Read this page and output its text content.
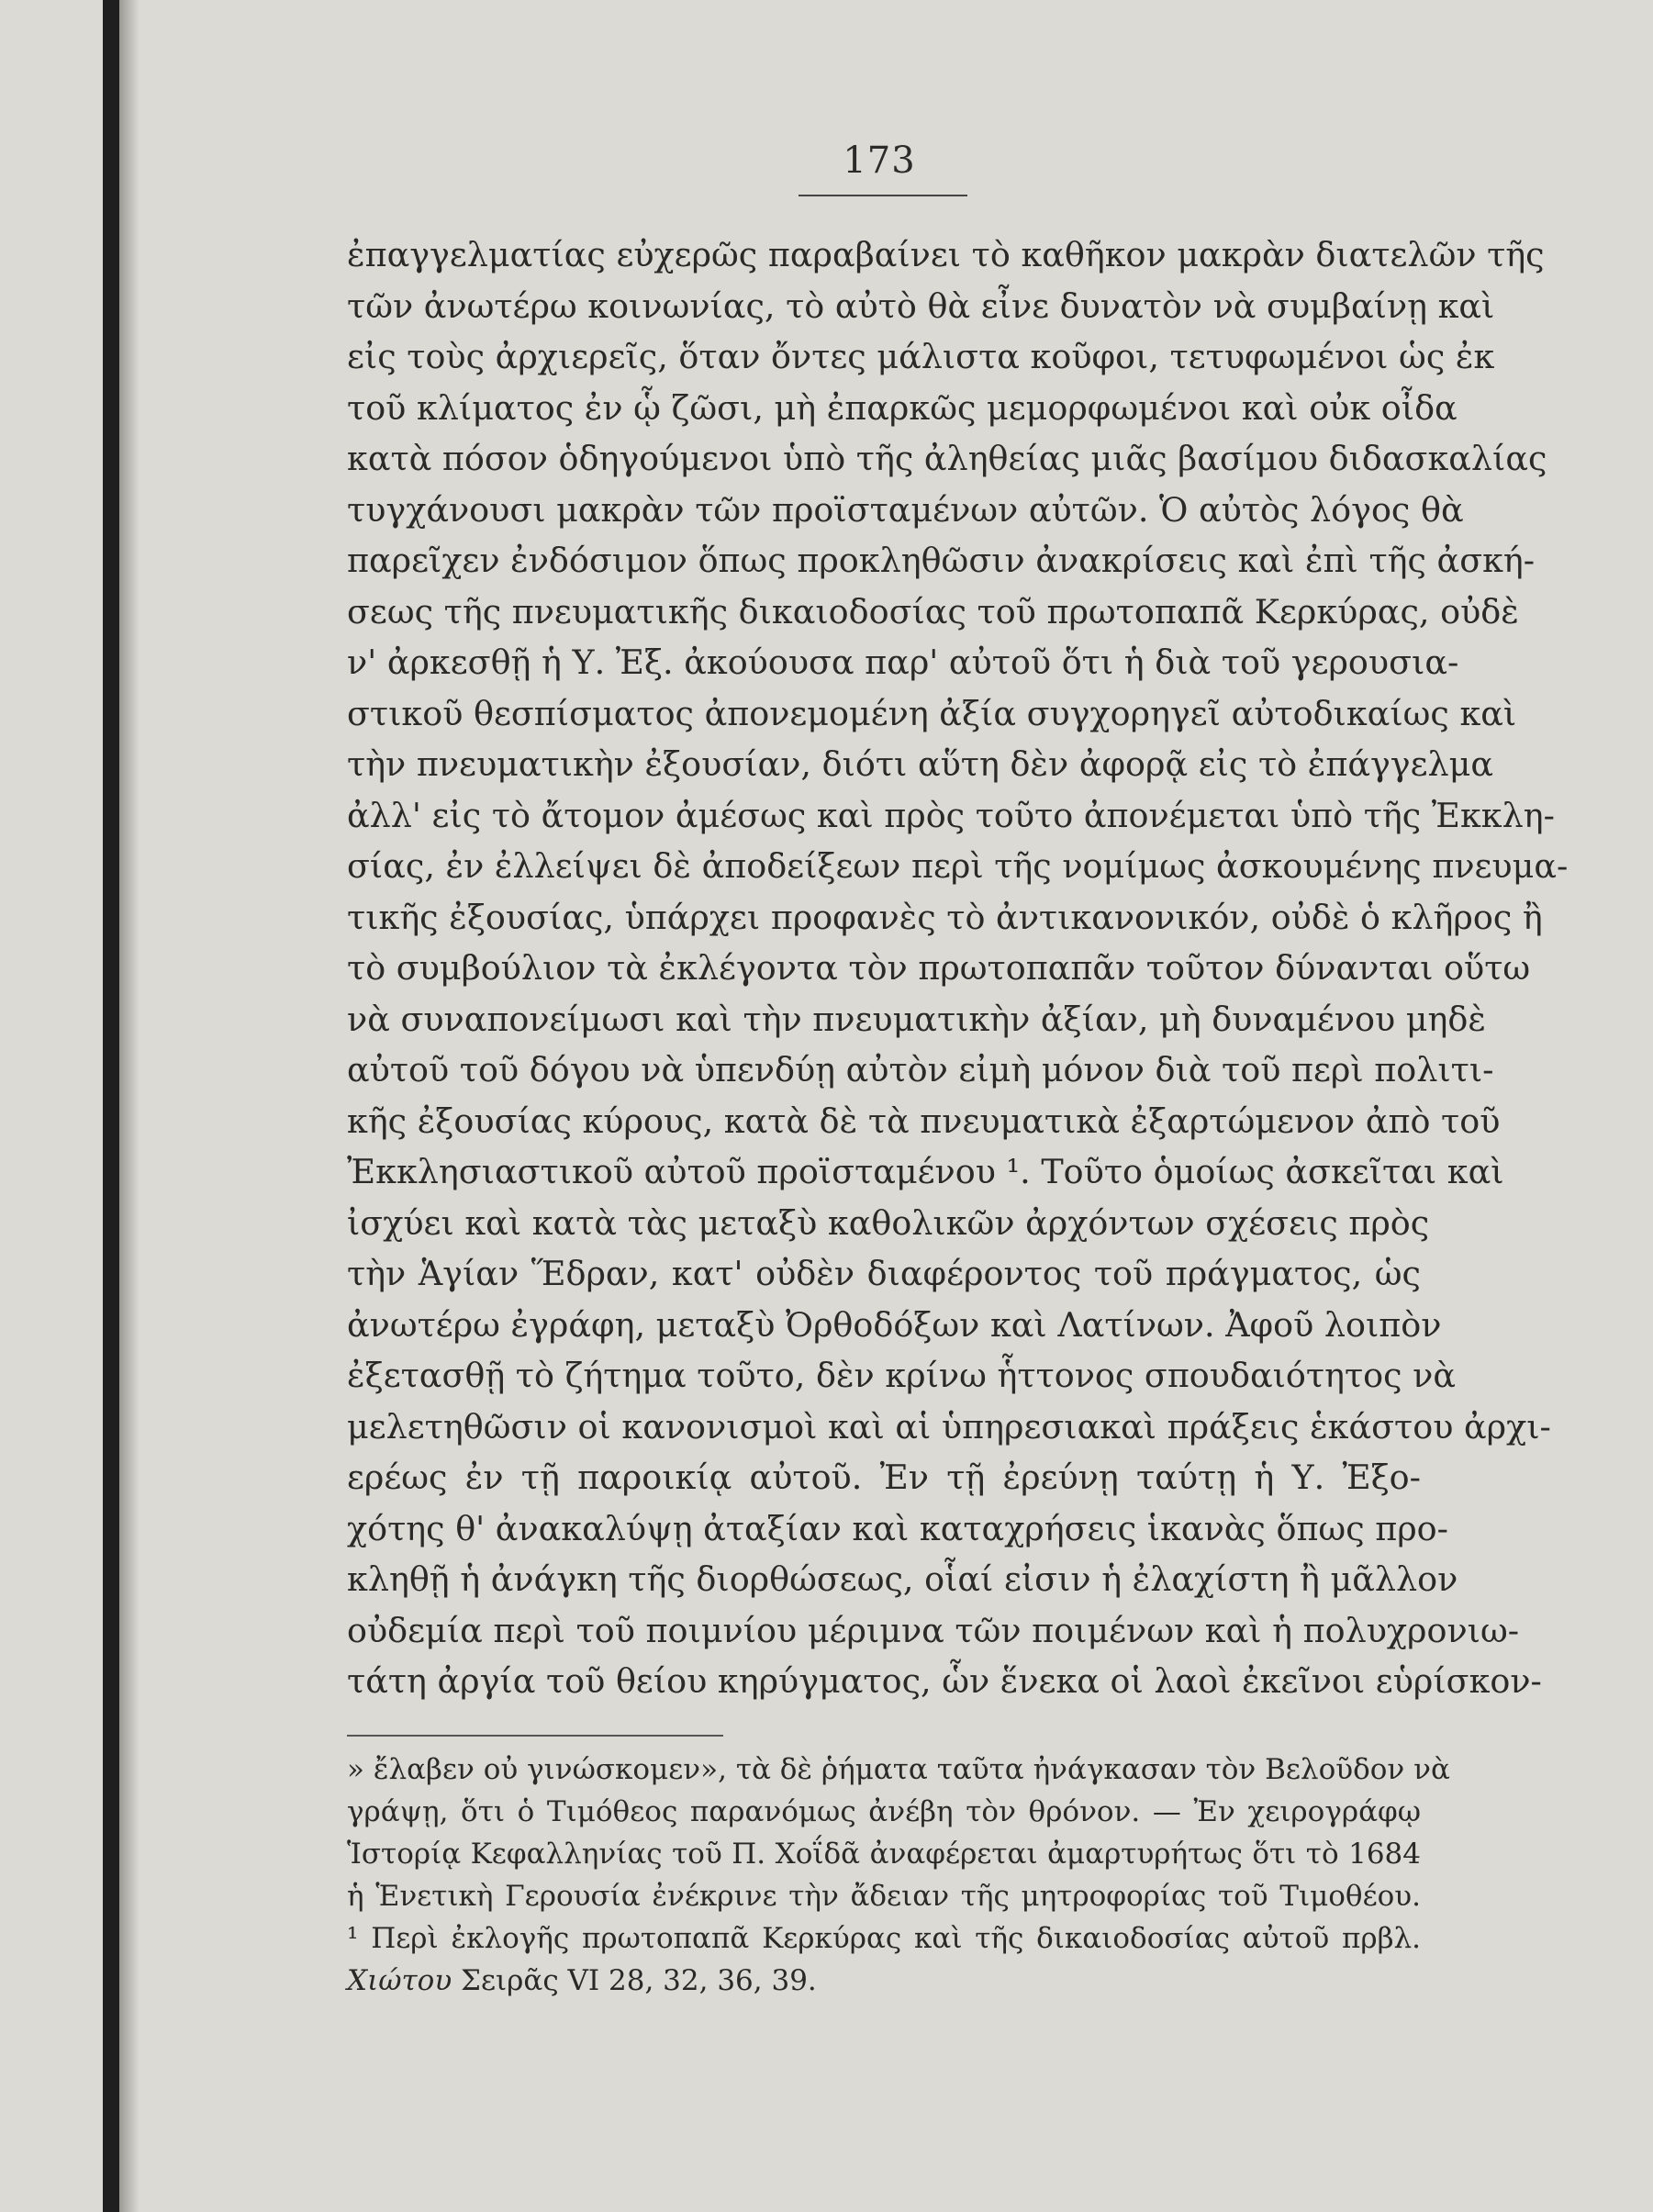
173
ἐπαγγελματίας εὐχερῶς παραβαίνει τὸ καθῆκον μακρὰν διατελῶν τῆς
τῶν ἀνωτέρω κοινωνίας, τὸ αὐτὸ θὰ εἶνε δυνατὸν νὰ συμβαίνῃ καὶ
εἰς τοὺς ἀρχιερεῖς, ὅταν ὄντες μάλιστα κοῦφοι, τετυφωμένοι ὡς ἐκ
τοῦ κλίματος ἐν ᾧ ζῶσι, μὴ ἐπαρκῶς μεμορφωμένοι καὶ οὐκ οἶδα
κατὰ πόσον ὁδηγούμενοι ὑπὸ τῆς ἀληθείας μιᾶς βασίμου διδασκαλίας
τυγχάνουσι μακρὰν τῶν προϊσταμένων αὐτῶν. Ὁ αὐτὸς λόγος θὰ
παρεῖχεν ἐνδόσιμον ὅπως προκληθῶσιν ἀνακρίσεις καὶ ἐπὶ τῆς ἀσκή-
σεως τῆς πνευματικῆς δικαιοδοσίας τοῦ πρωτοπαπᾶ Κερκύρας, οὐδὲ
ν' ἀρκεσθῇ ἡ Υ. Ἐξ. ἀκούουσα παρ' αὐτοῦ ὅτι ἡ διὰ τοῦ γερουσια-
στικοῦ θεσπίσματος ἀπονεμομένη ἀξία συγχορηγεῖ αὐτοδικαίως καὶ
τὴν πνευματικὴν ἐξουσίαν, διότι αὕτη δὲν ἀφορᾷ εἰς τὸ ἐπάγγελμα
ἀλλ' εἰς τὸ ἄτομον ἀμέσως καὶ πρὸς τοῦτο ἀπονέμεται ὑπὸ τῆς Ἐκκλη-
σίας, ἐν ἐλλείψει δὲ ἀποδείξεων περὶ τῆς νομίμως ἀσκουμένης πνευμα-
τικῆς ἐξουσίας, ὑπάρχει προφανὲς τὸ ἀντικανονικόν, οὐδὲ ὁ κλῆρος ἢ
τὸ συμβούλιον τὰ ἐκλέγοντα τὸν πρωτοπαπᾶν τοῦτον δύνανται οὕτω
νὰ συναπονείμωσι καὶ τὴν πνευματικὴν ἀξίαν, μὴ δυναμένου μηδὲ
αὐτοῦ τοῦ δόγου νὰ ὑπενδύῃ αὐτὸν εἰμὴ μόνον διὰ τοῦ περὶ πολιτι-
κῆς ἐξουσίας κύρους, κατὰ δὲ τὰ πνευματικὰ ἐξαρτώμενον ἀπὸ τοῦ
Ἐκκλησιαστικοῦ αὐτοῦ προϊσταμένου ¹. Τοῦτο ὁμοίως ἀσκεῖται καὶ
ἰσχύει καὶ κατὰ τὰς μεταξὺ καθολικῶν ἀρχόντων σχέσεις πρὸς
τὴν Ἁγίαν Ἕδραν, κατ' οὐδὲν διαφέροντος τοῦ πράγματος, ὡς
ἀνωτέρω ἐγράφη, μεταξὺ Ὀρθοδόξων καὶ Λατίνων. Ἀφοῦ λοιπὸν
ἐξετασθῇ τὸ ζήτημα τοῦτο, δὲν κρίνω ἧττονος σπουδαιότητος νὰ
μελετηθῶσιν οἱ κανονισμοὶ καὶ αἱ ὑπηρεσιακαὶ πράξεις ἑκάστου ἀρχι-
ερέως ἐν τῇ παροικίᾳ αὐτοῦ. Ἐν τῇ ἐρεύνῃ ταύτῃ ἡ Υ. Ἐξο-
χότης θ' ἀνακαλύψῃ ἀταξίαν καὶ καταχρήσεις ἱκανὰς ὅπως προ-
κληθῇ ἡ ἀνάγκη τῆς διορθώσεως, οἷαί εἰσιν ἡ ἐλαχίστη ἢ μᾶλλον
οὐδεμία περὶ τοῦ ποιμνίου μέριμνα τῶν ποιμένων καὶ ἡ πολυχρονιω-
τάτη ἀργία τοῦ θείου κηρύγματος, ὧν ἕνεκα οἱ λαοὶ ἐκεῖνοι εὑρίσκον-
» ἔλαβεν οὐ γινώσκομεν», τὰ δὲ ῥήματα ταῦτα ἠνάγκασαν τὸν Βελοῦδον νὰ
γράψῃ, ὅτι ὁ Τιμόθεος παρανόμως ἀνέβη τὸν θρόνον. — Ἐν χειρογράφῳ
Ἱστορίᾳ Κεφαλληνίας τοῦ Π. Χοΐδᾶ ἀναφέρεται ἀμαρτυρήτως ὅτι τὸ 1684
ἡ Ἑνετικὴ Γερουσία ἐνέκρινε τὴν ἄδειαν τῆς μητροφορίας τοῦ Τιμοθέου.
¹ Περὶ ἐκλογῆς πρωτοπαπᾶ Κερκύρας καὶ τῆς δικαιοδοσίας αὐτοῦ πρβλ.
Χιώτου Σειρᾶς VI 28, 32, 36, 39.
